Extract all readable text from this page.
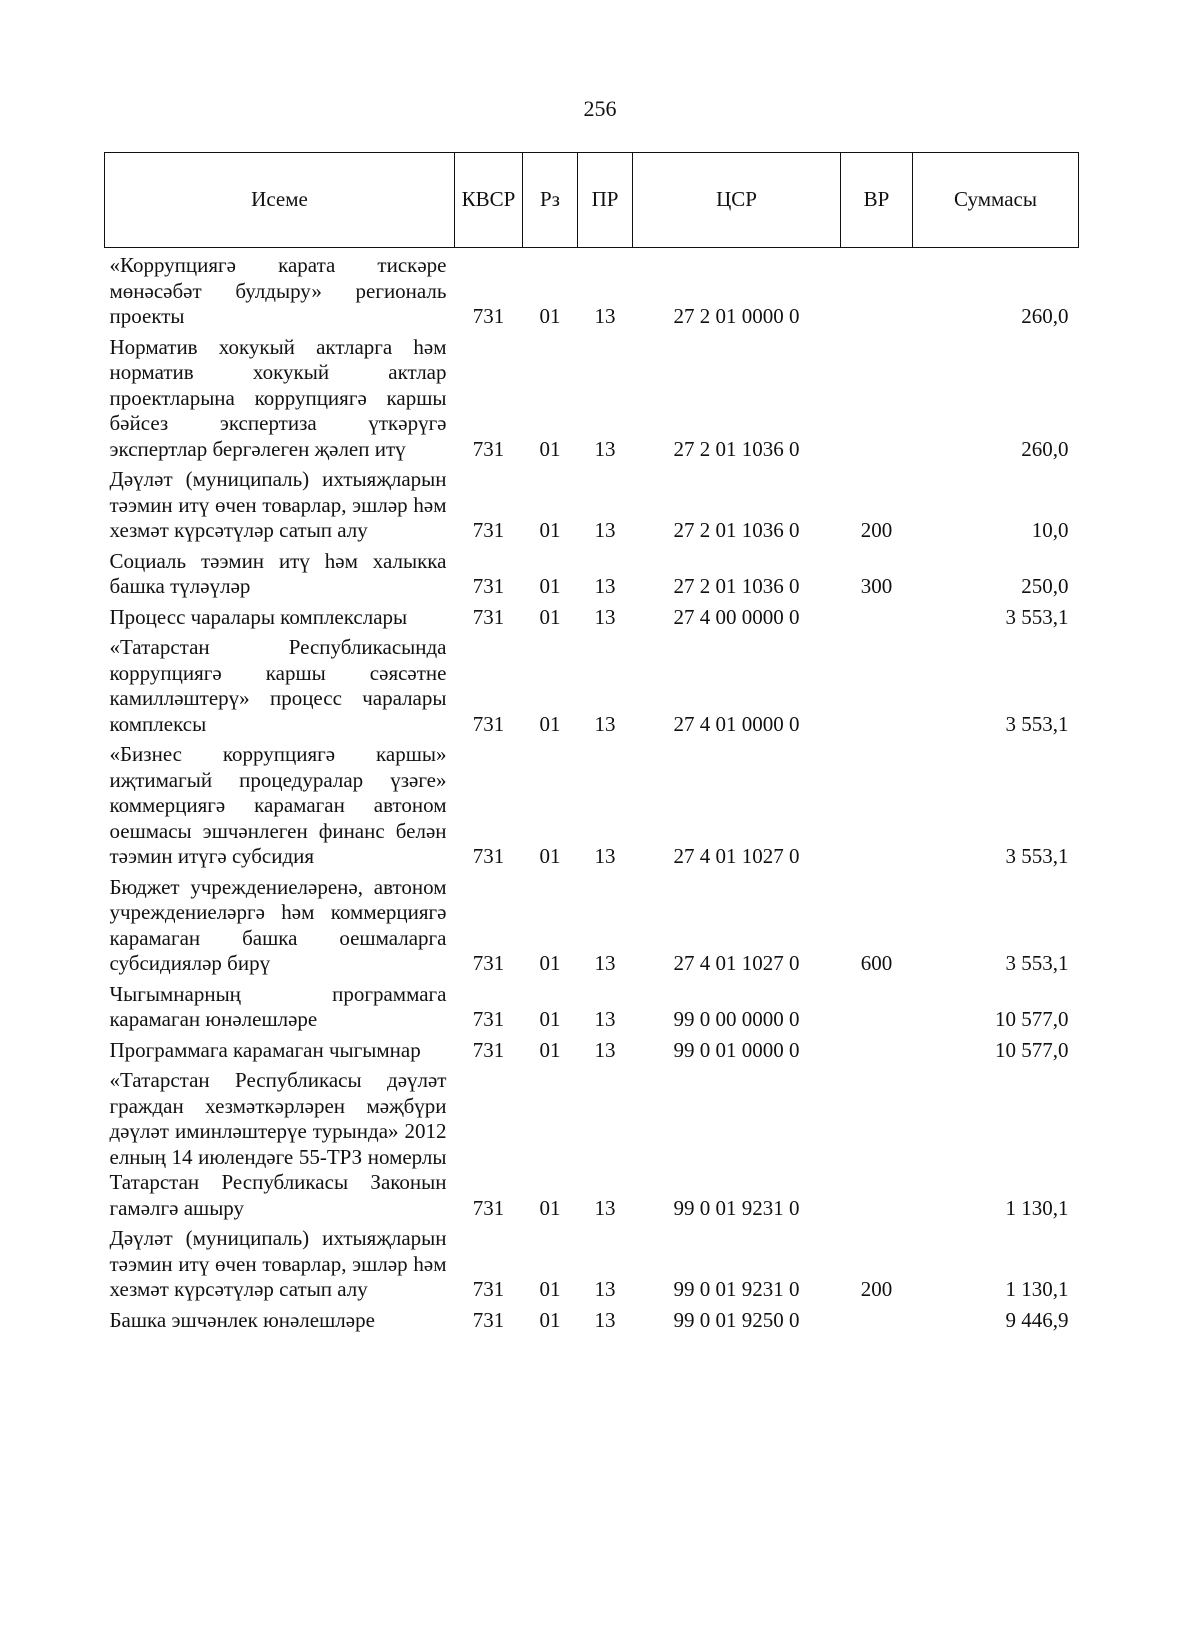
256
Исеме	КВСР	Рз	ПР	ЦСР	ВР	Суммасы
«Коррупциягә карата тискәре мөнәсәбәт булдыру» региональ проекты	731	01	13	27 2 01 0000 0		260,0
Норматив хокукый актларга һәм норматив хокукый актлар проектларына коррупциягә каршы бәйсез экспертиза үткәрүгә экспертлар бергәлеген җәлеп итү	731	01	13	27 2 01 1036 0		260,0
Дәүләт (муниципаль) ихтыяҗларын тәэмин итү өчен товарлар, эшләр һәм хезмәт күрсәтүләр сатып алу	731	01	13	27 2 01 1036 0	200	10,0
Социаль тәэмин итү һәм халыкка башка түләүләр	731	01	13	27 2 01 1036 0	300	250,0
Процесс чаралары комплекслары	731	01	13	27 4 00 0000 0		3 553,1
«Татарстан Республикасында коррупциягә каршы сәясәтне камилләштерү» процесс чаралары комплексы	731	01	13	27 4 01 0000 0		3 553,1
«Бизнес коррупциягә каршы» иҗтимагый процедуралар үзәге» коммерциягә карамаган автоном оешмасы эшчәнлеген финанс белән тәэмин итүгә субсидия	731	01	13	27 4 01 1027 0		3 553,1
Бюджет учреждениеләренә, автоном учреждениеләргә һәм коммерциягә карамаган башка оешмаларга субсидияләр бирү	731	01	13	27 4 01 1027 0	600	3 553,1
Чыгымнарның программага карамаган юнәлешләре	731	01	13	99 0 00 0000 0		10 577,0
Программага карамаган чыгымнар	731	01	13	99 0 01 0000 0		10 577,0
«Татарстан Республикасы дәүләт граждан хезмәткәрләрен мәҗбүри дәүләт иминләштерүе турында» 2012 елның 14 июлендәге 55-ТРЗ номерлы Татарстан Республикасы Законын гамәлгә ашыру	731	01	13	99 0 01 9231 0		1 130,1
Дәүләт (муниципаль) ихтыяҗларын тәэмин итү өчен товарлар, эшләр һәм хезмәт күрсәтүләр сатып алу	731	01	13	99 0 01 9231 0	200	1 130,1
Башка эшчәнлек юнәлешләре	731	01	13	99 0 01 9250 0		9 446,9
